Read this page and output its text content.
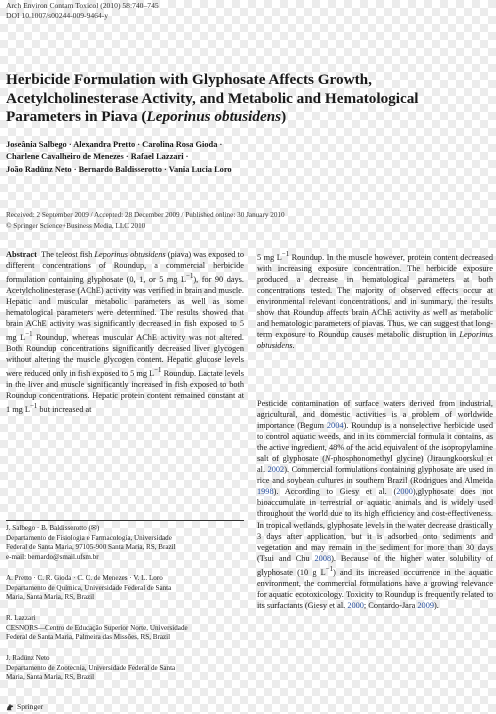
Arch Environ Contam Toxicol (2010) 58:740–745
DOI 10.1007/s00244-009-9464-y
Herbicide Formulation with Glyphosate Affects Growth, Acetylcholinesterase Activity, and Metabolic and Hematological Parameters in Piava (Leporinus obtusidens)
Joseânia Salbego · Alexandra Pretto · Carolina Rosa Gioda ·
Charlene Cavalheiro de Menezes · Rafael Lazzari ·
João Radünz Neto · Bernardo Baldisserotto · Vania Lucia Loro
Received: 2 September 2009 / Accepted: 28 December 2009 / Published online: 30 January 2010
© Springer Science+Business Media, LLC 2010

Abstract The teleost fish Leporinus obtusidens (piava) was exposed to different concentrations of Roundup, a commercial herbicide formulation containing glyphosate (0, 1, or 5 mg $L^{-1}$), for 90 days. Acetylcholinesterase (AChE) activity was verified in brain and muscle. Hepatic and muscular metabolic parameters as well as some hematological parameters were determined. The results showed that brain AChE activity was significantly decreased in fish exposed to 5 mg $L^{-1}$ Roundup, whereas muscular AChE activity was not altered. Both Roundup concentrations significantly decreased liver glycogen without altering the muscle glycogen content. Hepatic glucose levels were reduced only in fish exposed to 5 mg $L^{-1}$ Roundup. Lactate levels in the liver and muscle significantly increased in fish exposed to both Roundup concentrations. Hepatic protein content remained constant at 1 mg $L^{-1}$ but increased at

J. Salbego · B. Baldisserotto (✉)
Departamento de Fisiologia e Farmacologia, Universidade
Federal de Santa Maria, 97105-900 Santa Maria, RS, Brazil
e-mail: bernardo@smail.ufsm.br
A. Pretto · C. R. Gioda · C. C. de Menezes · V. L. Loro
Departamento de Química, Universidade Federal de Santa
Maria, Santa Maria, RS, Brazil
R. Lazzari
CESNORS—Centro de Educação Superior Norte, Universidade
Federal de Santa Maria, Palmeira das Missões, RS, Brazil
J. Radünz Neto
Departamento de Zootecnia, Universidade Federal de Santa
Maria, Santa Maria, RS, Brazil

5 mg $L^{-1}$ Roundup. In the muscle however, protein content decreased with increasing exposure concentration. The herbicide exposure produced a decrease in hematological parameters at both concentrations tested. The majority of observed effects occur at environmental relevant concentrations, and in summary, the results show that Roundup affects brain AChE activity as well as metabolic and hematologic parameters of piavas. Thus, we can suggest that long-term exposure to Roundup causes metabolic disruption in Leporinus obtusidens.

Pesticide contamination of surface waters derived from industrial, agricultural, and domestic activities is a problem of worldwide importance (Begum 2004). Roundup is a nonselective herbicide used to control aquatic weeds, and in its commercial formula it contains, as the active ingredient, 48% of the acid equivalent of the isopropylamine salt of glyphosate (N-phosphonomethyl glycine) (Jiraungkoorskul et al. 2002). Commercial formulations containing glyphosate are used in rice and soybean cultures in southern Brazil (Rodrigues and Almeida 1998). According to Giesy et al. (2000),glyphosate does not bioaccumulate in terrestrial or aquatic animals and is widely used throughout the world due to its high efficiency and cost-effectiveness. In tropical wetlands, glyphosate levels in the water decrease drastically 3 days after application, but it is adsorbed onto sediments and vegetation and may remain in the sediment for more than 30 days (Tsui and Chu 2008). Because of the higher water solubility of glyphosate (10 g $L^{-1}$) and its increased occurrence in the aquatic environment, the commercial formulations have a growing relevance for aquatic ecotoxicology. Toxicity to Roundup is frequently related to its surfactants (Giesy et al. 2000; Contardo-Jara 2009).

Springer
